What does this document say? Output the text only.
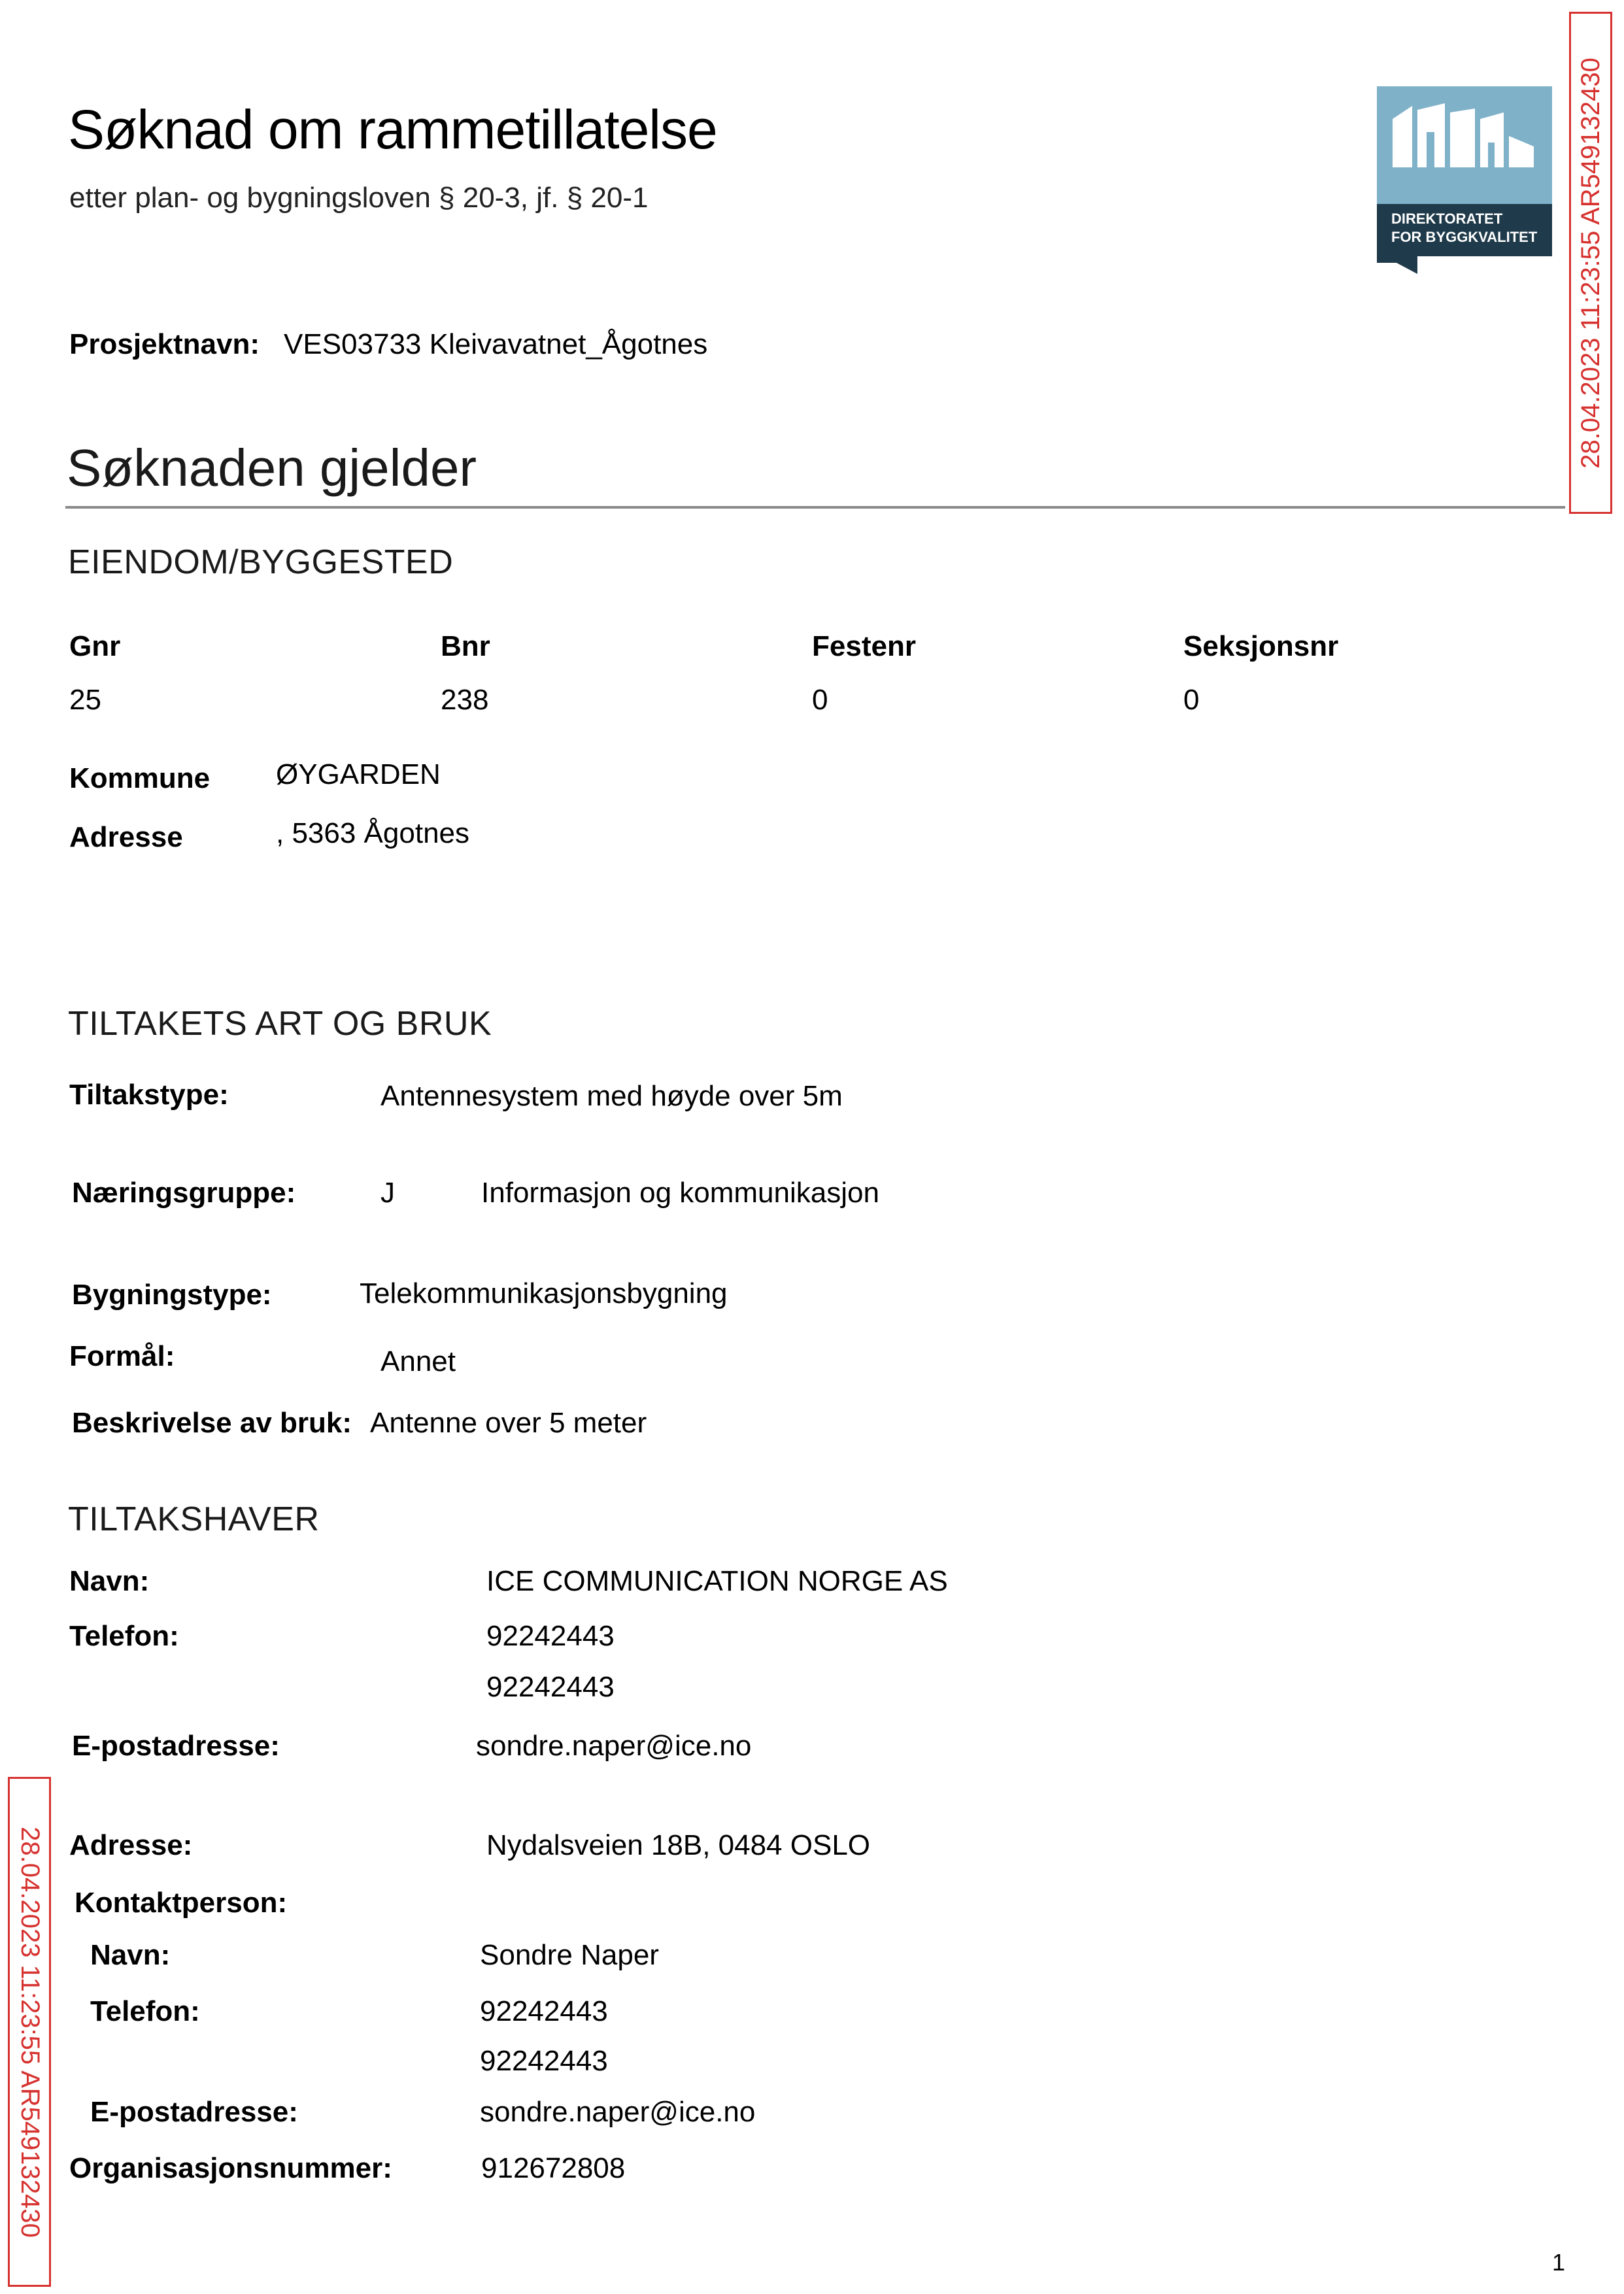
Søknad om rammetillatelse
etter plan- og bygningsloven § 20-3, jf. § 20-1
DIREKTORATET
FOR BYGGKVALITET
Prosjektnavn: VES03733 Kleivavatnet_Ågotnes
Søknaden gjelder
EIENDOM/BYGGESTED
Gnr	Bnr	Festenr	Seksjonsnr
25	238	0	0
Kommune ØYGARDEN
Adresse	, 5363 Ågotnes
TILTAKETS ART OG BRUK
Tiltakstype:	Antennesystem med høyde over 5m
Næringsgruppe:	J	Informasjon og kommunikasjon
Bygningstype:	Telekommunikasjonsbygning
Formål:	Annet
Beskrivelse av bruk: Antenne over 5 meter
TILTAKSHAVER
Navn:	ICE COMMUNICATION NORGE AS
Telefon:	92242443
92242443
E-postadresse:	sondre.naper@ice.no
Adresse:	Nydalsveien 18B, 0484 OSLO
Kontaktperson:
Navn:	Sondre Naper
Telefon:	92242443
92242443
E-postadresse:	sondre.naper@ice.no
Organisasjonsnummer:	912672808
28.04.2023 11:23:55 AR549132430
28.04.2023 11:23:55 AR549132430
1
